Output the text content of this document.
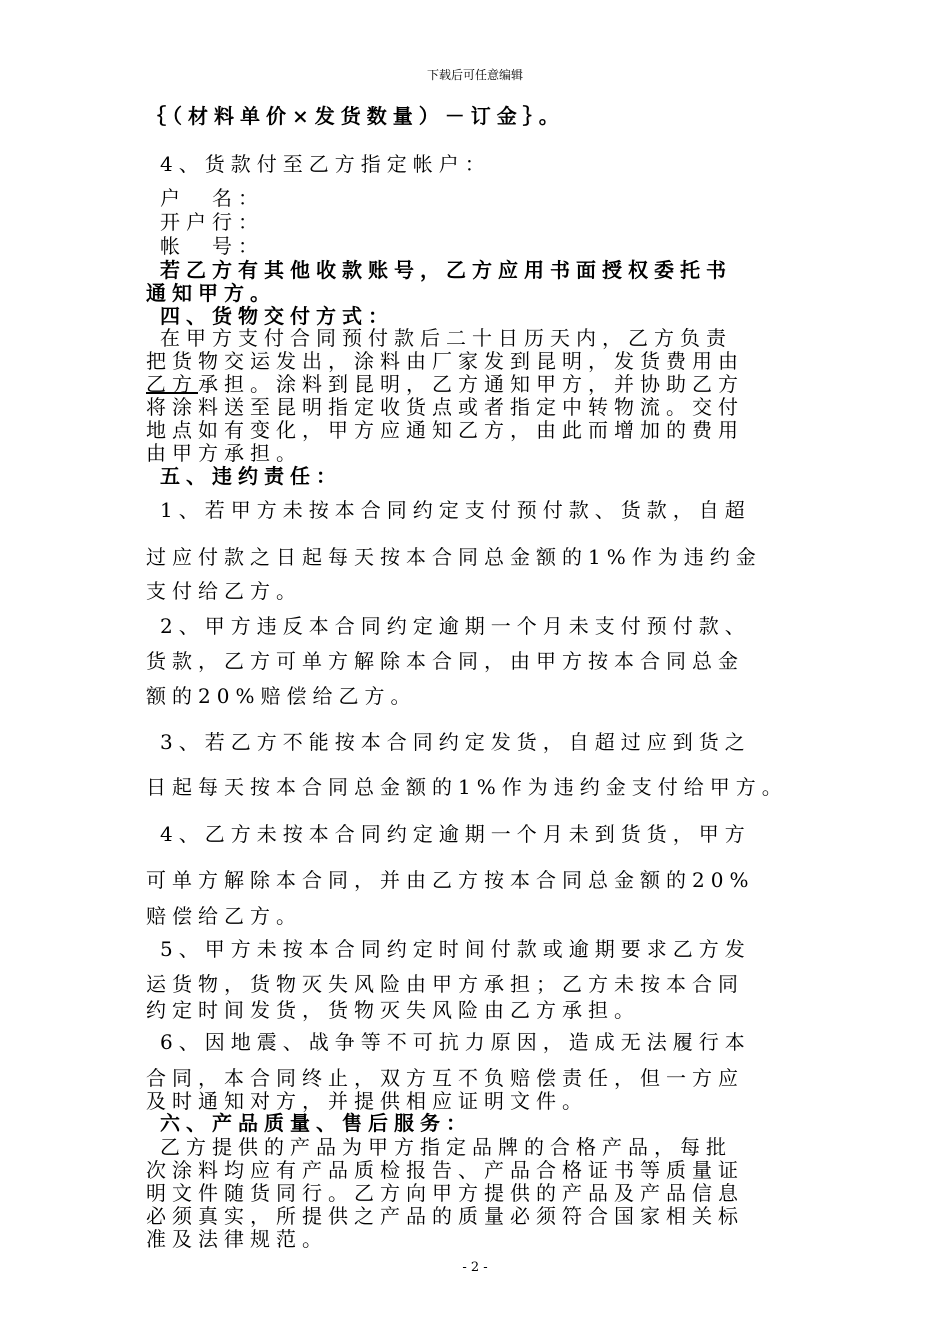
下载后可任意编辑
｛（材料单价×发货数量）－订金｝。
4、货款付至乙方指定帐户：
户　名：
开户行：
帐　号：
若乙方有其他收款账号，乙方应用书面授权委托书
通知甲方。
四、货物交付方式：
在甲方支付合同预付款后二十日历天内，乙方负责
把货物交运发出，涂料由厂家发到昆明，发货费用由
乙方承担。涂料到昆明，乙方通知甲方，并协助乙方
将涂料送至昆明指定收货点或者指定中转物流。交付
地点如有变化，甲方应通知乙方，由此而增加的费用
由甲方承担。
五、违约责任：
1、若甲方未按本合同约定支付预付款、货款，自超
过应付款之日起每天按本合同总金额的1%作为违约金
支付给乙方。
2、甲方违反本合同约定逾期一个月未支付预付款、
货款，乙方可单方解除本合同，由甲方按本合同总金
额的20%赔偿给乙方。
3、若乙方不能按本合同约定发货，自超过应到货之
日起每天按本合同总金额的1%作为违约金支付给甲方。
4、乙方未按本合同约定逾期一个月未到货货，甲方
可单方解除本合同，并由乙方按本合同总金额的20%
赔偿给乙方。
5、甲方未按本合同约定时间付款或逾期要求乙方发
运货物，货物灭失风险由甲方承担；乙方未按本合同
约定时间发货，货物灭失风险由乙方承担。
6、因地震、战争等不可抗力原因，造成无法履行本
合同，本合同终止，双方互不负赔偿责任，但一方应
及时通知对方，并提供相应证明文件。
六、产品质量、售后服务：
乙方提供的产品为甲方指定品牌的合格产品，每批
次涂料均应有产品质检报告、产品合格证书等质量证
明文件随货同行。乙方向甲方提供的产品及产品信息
必须真实，所提供之产品的质量必须符合国家相关标
准及法律规范。
- 2 -
